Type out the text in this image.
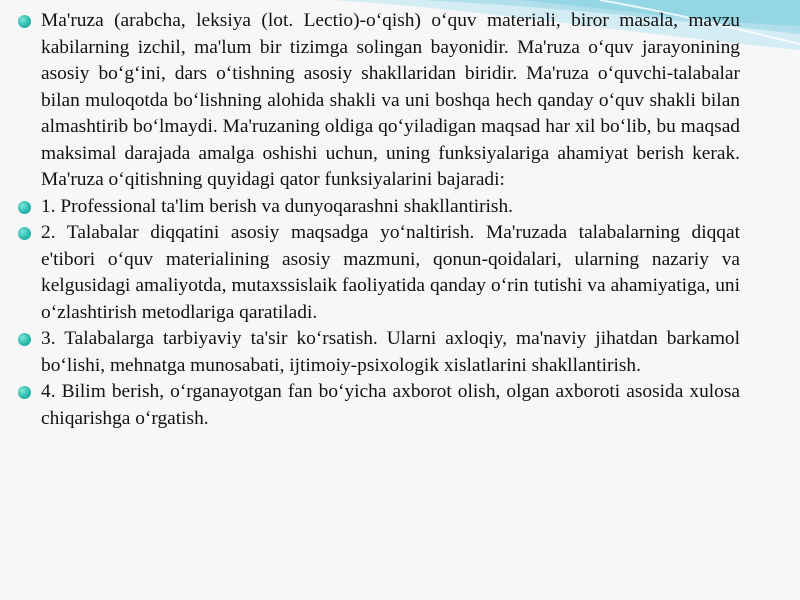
Ma'ruza (arabcha, leksiya (lot. Lectio)-oʻqish) oʻquv materiali, biror masala, mavzu kabilarning izchil, ma'lum bir tizimga solingan bayonidir. Ma'ruza oʻquv jarayonining asosiy boʻgʻini, dars oʻtishning asosiy shakllaridan biridir. Ma'ruza oʻquvchi-talabalar bilan muloqotda boʻlishning alohida shakli va uni boshqa hech qanday oʻquv shakli bilan almashtirib boʻlmaydi. Ma'ruzaning oldiga qoʻyiladigan maqsad har xil boʻlib, bu maqsad maksimal darajada amalga oshishi uchun, uning funksiyalariga ahamiyat berish kerak. Ma'ruza oʻqitishning quyidagi qator funksiyalarini bajaradi:

1. Professional ta'lim berish va dunyoqarashni shakllantirish.

2. Talabalar diqqatini asosiy maqsadga yoʻnaltirish. Ma'ruzada talabalarning diqqat e'tibori oʻquv materialining asosiy mazmuni, qonun-qoidalari, ularning nazariy va kelgusidagi amaliyotda, mutaxssislaik faoliyatida qanday oʻrin tutishi va ahamiyatiga, uni oʻzlashtirish metodlariga qaratiladi.

3. Talabalarga tarbiyaviy ta'sir koʻrsatish. Ularni axloqiy, ma'naviy jihatdan barkamol boʻlishi, mehnatga munosabati, ijtimoiy-psixologik xislatlarini shakllantirish.

4. Bilim berish, oʻrganayotgan fan boʻyicha axborot olish, olgan axboroti asosida xulosa chiqarishga oʻrgatish.
